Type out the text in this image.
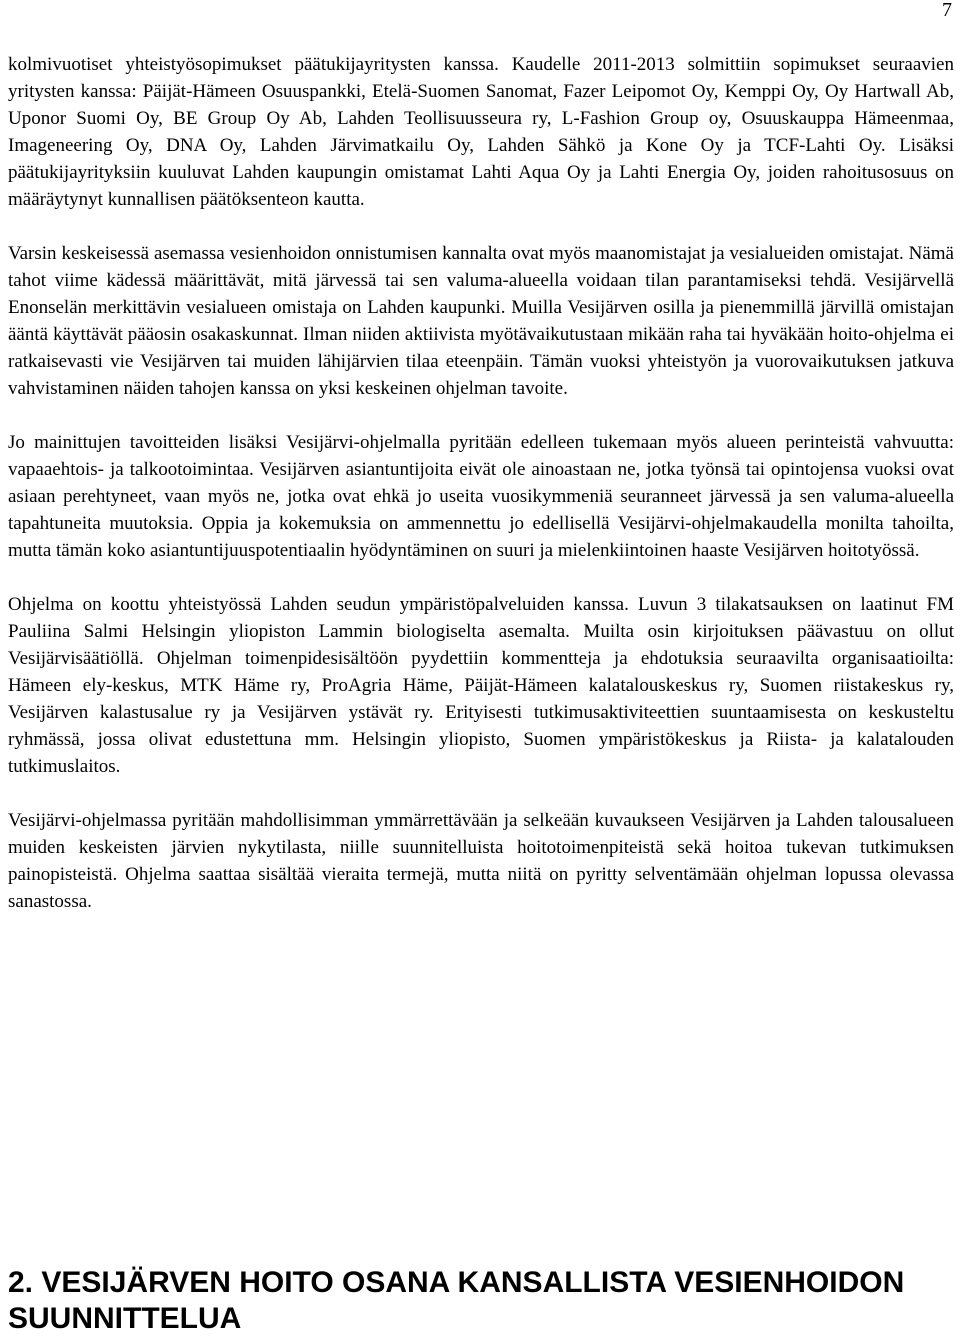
7

kolmivuotiset yhteistyösopimukset päätukijayritysten kanssa. Kaudelle 2011-2013 solmittiin sopimukset seuraavien yritysten kanssa: Päijät-Hämeen Osuuspankki, Etelä-Suomen Sanomat, Fazer Leipomot Oy, Kemppi Oy, Oy Hartwall Ab, Uponor Suomi Oy, BE Group Oy Ab, Lahden Teollisuusseura ry, L-Fashion Group oy, Osuuskauppa Hämeenmaa, Imageneering Oy, DNA Oy, Lahden Järvimatkailu Oy, Lahden Sähkö ja Kone Oy ja TCF-Lahti Oy. Lisäksi päätukijayrityksiin kuuluvat Lahden kaupungin omistamat Lahti Aqua Oy ja Lahti Energia Oy, joiden rahoitusosuus on määräytynyt kunnallisen päätöksenteon kautta.

Varsin keskeisessä asemassa vesienhoidon onnistumisen kannalta ovat myös maanomistajat ja vesialueiden omistajat. Nämä tahot viime kädessä määrittävät, mitä järvessä tai sen valuma-alueella voidaan tilan parantamiseksi tehdä. Vesijärvellä Enonselän merkittävin vesialueen omistaja on Lahden kaupunki. Muilla Vesijärven osilla ja pienemmillä järvillä omistajan ääntä käyttävät pääosin osakaskunnat. Ilman niiden aktiivista myötävaikutustaan mikään raha tai hyväkään hoito-ohjelma ei ratkaisevasti vie Vesijärven tai muiden lähijärvien tilaa eteenpäin. Tämän vuoksi yhteistyön ja vuorovaikutuksen jatkuva vahvistaminen näiden tahojen kanssa on yksi keskeinen ohjelman tavoite.

Jo mainittujen tavoitteiden lisäksi Vesijärvi-ohjelmalla pyritään edelleen tukemaan myös alueen perinteistä vahvuutta: vapaaehtois- ja talkootoimintaa. Vesijärven asiantuntijoita eivät ole ainoastaan ne, jotka työnsä tai opintojensa vuoksi ovat asiaan perehtyneet, vaan myös ne, jotka ovat ehkä jo useita vuosikymmeniä seuranneet järvessä ja sen valuma-alueella tapahtuneita muutoksia. Oppia ja kokemuksia on ammennettu jo edellisellä Vesijärvi-ohjelmakaudella monilta tahoilta, mutta tämän koko asiantuntijuuspotentiaalin hyödyntäminen on suuri ja mielenkiintoinen haaste Vesijärven hoitotyössä.

Ohjelma on koottu yhteistyössä Lahden seudun ympäristöpalveluiden kanssa. Luvun 3 tilakatsauksen on laatinut FM Pauliina Salmi Helsingin yliopiston Lammin biologiselta asemalta. Muilta osin kirjoituksen päävastuu on ollut Vesijärvisäätiöllä. Ohjelman toimenpidesisältöön pyydettiin kommentteja ja ehdotuksia seuraavilta organisaatioilta: Hämeen ely-keskus, MTK Häme ry, ProAgria Häme, Päijät-Hämeen kalatalouskeskus ry, Suomen riistakeskus ry, Vesijärven kalastusalue ry ja Vesijärven ystävät ry. Erityisesti tutkimusaktiviteettien suuntaamisesta on keskusteltu ryhmässä, jossa olivat edustettuna mm. Helsingin yliopisto, Suomen ympäristökeskus ja Riista- ja kalatalouden tutkimuslaitos.

Vesijärvi-ohjelmassa pyritään mahdollisimman ymmärrettävään ja selkeään kuvaukseen Vesijärven ja Lahden talousalueen muiden keskeisten järvien nykytilasta, niille suunnitelluista hoitotoimenpiteistä sekä hoitoa tukevan tutkimuksen painopisteistä. Ohjelma saattaa sisältää vieraita termejä, mutta niitä on pyritty selventämään ohjelman lopussa olevassa sanastossa.

2. VESIJÄRVEN HOITO OSANA KANSALLISTA VESIENHOIDON SUUNNITTELUA
